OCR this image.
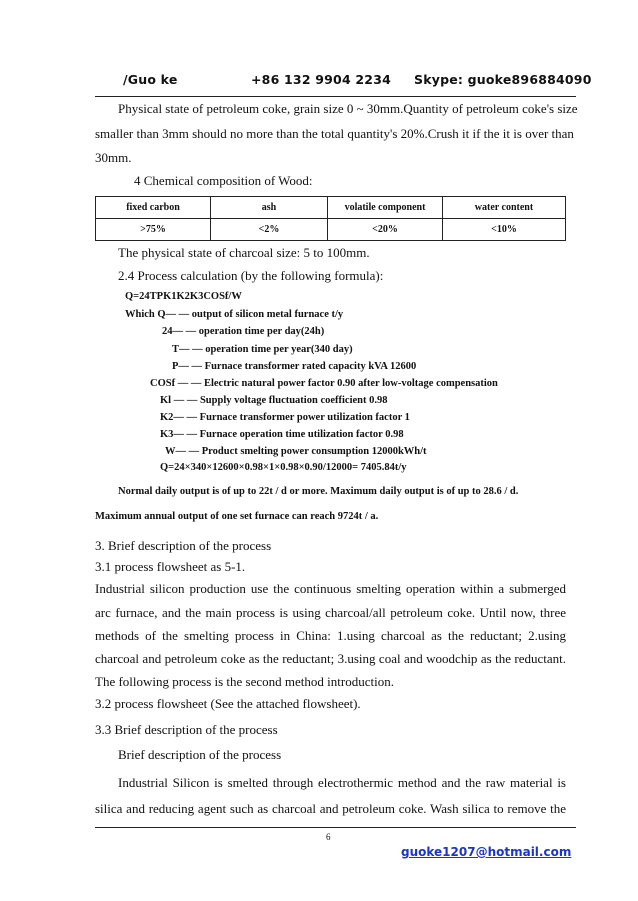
/Guo ke	+86 132 9904 2234 Skype: guoke896884090
Physical state of petroleum coke, grain size 0 ~ 30mm.Quantity of petroleum coke's size
smaller than 3mm should no more than the total quantity's 20%.Crush it if the it is over than
30mm.
4 Chemical composition of Wood:
fixed carbon	ash	volatile component	water content
>75%	<2%	<20%	<10%
The physical state of charcoal size: 5 to 100mm.
2.4 Process calculation (by the following formula):
Q=24TPK1K2K3COSf/W
Which Q— — output of silicon metal furnace t/y
24— — operation time per day(24h)
T— — operation time per year(340 day)
P— — Furnace transformer rated capacity kVA 12600
COSf — — Electric natural power factor 0.90 after low-voltage compensation
Kl — — Supply voltage fluctuation coefficient 0.98
K2— — Furnace transformer power utilization factor 1
K3— — Furnace operation time utilization factor 0.98
W— — Product smelting power consumption 12000kWh/t
Q=24×340×12600×0.98×1×0.98×0.90/12000= 7405.84t/y
Normal daily output is of up to 22t / d or more. Maximum daily output is of up to 28.6 / d.
Maximum annual output of one set furnace can reach 9724t / a.
3. Brief description of the process
3.1 process flowsheet as 5-1.
Industrial silicon production use the continuous smelting operation within a submerged
arc furnace, and the main process is using charcoal/all petroleum coke. Until now, three
methods of the smelting process in China: 1.using charcoal as the reductant; 2.using
charcoal and petroleum coke as the reductant; 3.using coal and woodchip as the reductant.
The following process is the second method introduction.
3.2 process flowsheet (See the attached flowsheet).
3.3 Brief description of the process
Brief description of the process
Industrial Silicon is smelted through electrothermic method and the raw material is
silica and reducing agent such as charcoal and petroleum coke. Wash silica to remove the
6
guoke1207@hotmail.com
